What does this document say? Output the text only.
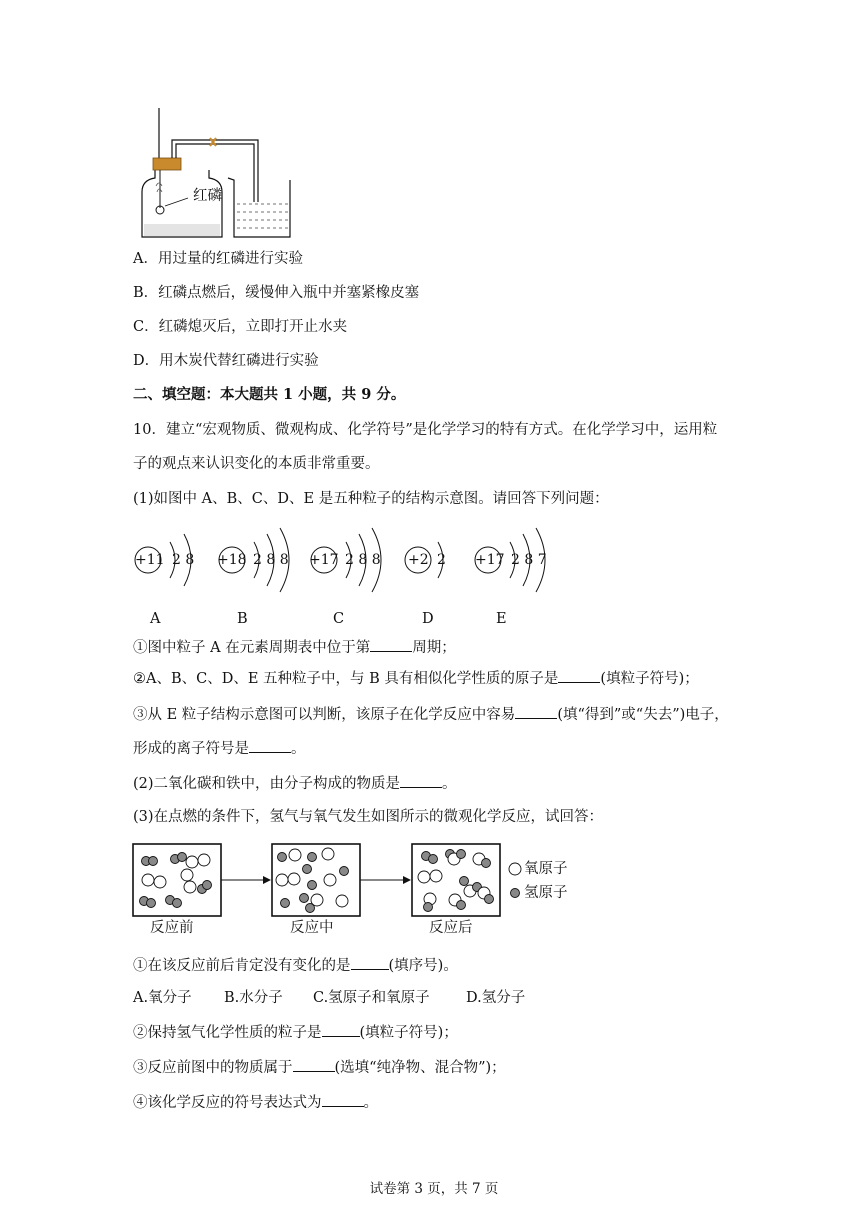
红磷
A．用过量的红磷进行实验
B．红磷点燃后，缓慢伸入瓶中并塞紧橡皮塞
C．红磷熄灭后，立即打开止水夹
D．用木炭代替红磷进行实验
二、填空题：本大题共 1 小题，共 9 分。
10．建立“宏观物质、微观构成、化学符号”是化学学习的特有方式。在化学学习中，运用粒
子的观点来认识变化的本质非常重要。
(1)如图中 A、B、C、D、E 是五种粒子的结构示意图。请回答下列问题：
+11 2 8 +18 2 8 8 +17 2 8 8 +2 2 +17 2 8 7
A	B	C	D	E
①图中粒子 A 在元素周期表中位于第	周期；
②A、B、C、D、E 五种粒子中，与 B 具有相似化学性质的原子是	(填粒子符号)；
③从 E 粒子结构示意图可以判断，该原子在化学反应中容易	(填“得到”或“失去”)电子，
形成的离子符号是	。
(2)二氧化碳和铁中，由分子构成的物质是	。
(3)在点燃的条件下，氢气与氧气发生如图所示的微观化学反应，试回答：
氧原子
氢原子
反应前	反应中	反应后
①在该反应前后肯定没有变化的是	(填序号)。
A.氧分子 B.水分子 C.氢原子和氧原子	D.氢分子
②保持氢气化学性质的粒子是	(填粒子符号)；
③反应前图中的物质属于	(选填“纯净物、混合物”)；
④该化学反应的符号表达式为	。
试卷第 3 页，共 7 页
